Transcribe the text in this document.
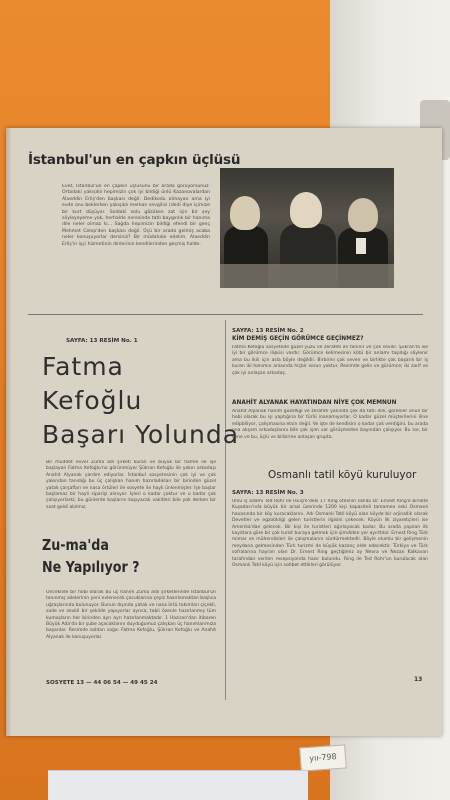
İstanbul'un en çapkın üçlüsü
Evet, İstanbul'un en çapkın üçlüsünü bir arada görüyorsunuz. Ortadaki yakışıklı hepimizin çok iyi bildiği ünlü Kazanovalardan Alaeddin Erliş'den başkası değil. Dedikodu olmayan ama iyi evde onu beklerken yakışıklı merkan sevgilisi (dedi diye içimize bir kurt düşüyor. Soldaki solu gözüken zat için bir şey söyleyeyeme yok, herhalde neresinde tatlı baygınlık bir hanıma dile neler olmaz ki... Sağda hepimizin bildiği efendi bir genç Mehmet Celep'den başkası değil. Üçü bir arada gelmiş acaba neler konuşuyorlar dersiniz? Bir müdahale edelim. Alaeddin Erliş'in işçi hizmetinin dinlerinin kendilerinden geçmiş halde.
SAYFA: 13 RESİM No. 1
Fatma
Kefoğlu
Başarı Yolunda
Bir müddet evvel Zuma adı şirketi kuran ve büyük bir hamle ile işe başlayan Fatma Kefoğlu'na görünmüyor Şükran Kefoğlu ile yakın arkadaşı Anahit Alyanak yardım ediyorlar. İstanbul sosyetesinin çok iyi ve çok yakından tanıdığı bu üç çalışkan hanım hazırladıkları bir birinden güzel yatak çarşafları ve nasa örtüleri ile sosyete ile hayli ünlenmişler. İşe başlar başlamaz bir hayli siparişi alınıyor. İşleri o kadar çoktur ve o kadar çok çalışıyorlarki; bu günlerde başlarını kaşıyacak vakitleri bile yok derken bir saat geldi akılmız.
Zu-ma'da
Ne Yapılıyor ?
Önceklide bir hobi olarak bu üç hanım Zuma adlı şirketlerinde İstanbul'un tanınmış ailelerinin yeni evlenecek çocuklarına çeyiz hazırlamaktan başlıca uğraşlarında bulunuyor. Bunun dışında yatak ve nasa örtü takımları çiçekli, sade ve zevkli bir şekilde yapıyorlar ayrıca, tabii özenle hazırlanmış tüm kumaşların her birinden ayrı ayrı hazırlanmaktadır. 1 Haziran'dan itibaren Büyük Ada'da bir şube açacaklarını duyduğumuz çalışkan üç hanımlarımıza başarılar. Resimde soldan sağa: Fatma Kefoğlu, Şükran Kefoğlu ve Anahit Alyanak ile konuşuyorlar.
SAYFA: 13 RESİM No. 2
KİM DEMİŞ GEÇİN GÖRÜMCE GEÇİNMEZ?
Fatma Kefoğlu sosyetede güzel yüzü ve zerafeti ile tanınır ve çok sevilir. Şükran'la ise iyi bir görümce ilişkisi vardır. Görümce kelimesinin kötü bir anlamı taşıdığı söylenir ama bu ikili için asla böyle değildir. Birbirini çok seven ve birlikte çok başarılı bir iş kuran iki hanımın arasında hiçbir sorun yoktur. Resimde gelin ve görümce; iki zarif ve çok iyi anlaşan arkadaş.
ANAHİT ALYANAK HAYATINDAN NİYE ÇOK MEMNUN
Anahit Alyanak hanım güzelliği ve zerafeti yanında çok da tatlı dilli, görenler onun bir hobi olarak bu işi yaptığına bir türlü inanamıyorlar. O kadar güzel müşterilerini iline edipbiliyor, çalışmasına etsin değil. Ve işte de kendisini o kadar çok verdiğini, bu arada ona akşam arkadaşlarını bile çok işim var görüşmeden bayından çalışıyor. Bu ise, bir sene ve bu, üçlü ve birbirine anlaşan grupta.
Osmanlı tatil köyü kuruluyor
SAYFA: 13 RESİM No. 3
Ünlü iş adamı Ted Rohr ile İsviçre'deki 17 Ring otelinin sahibi Dr. Ernest Ring'e birlikte Kuşadası'nda büyük bir arazi üzerinde 1200 kişi kapasiteli tamamen eski Osmanlı havasında bir köy kuracaklarını. Adı Osmanlı Tatil köyü olan köyde bir orjinallik olarak Devetler ve egzotikliği gelen turistlerin ilgisini çekecek. Köyün ilk ziyaretçileri ise Amerika'dan gelecek. Bir kişi ile turistleri ağırlayacak kadar. Bu arada yapılan ilk kayıtlara göre bir çok turist buraya gelmek için şimdiden yer ayırttılar. Ernest Ring Türk mimar ve mühendisleri ile çalışmalarını sürdürmektedir. Böyle olumlu bir gelişmenin meydana gelmesinden Türk turizmi de büyük kazanç elde edecektir. Türkiye ve Türk sofralarına hayran olan Dr. Ernest Ring geçtiğimiz ay Nevra ve Nezan Kalkavan tarafından verilen resepsiyonda hazır bulundu. Ring ile Ted Rohr'un kurulacak olan Osmanlı Tatil köyü için sohbet ettikleri görülüyor.
SOSYETE 13 — 44 06 54 — 49 45 24	13
yıı-798
